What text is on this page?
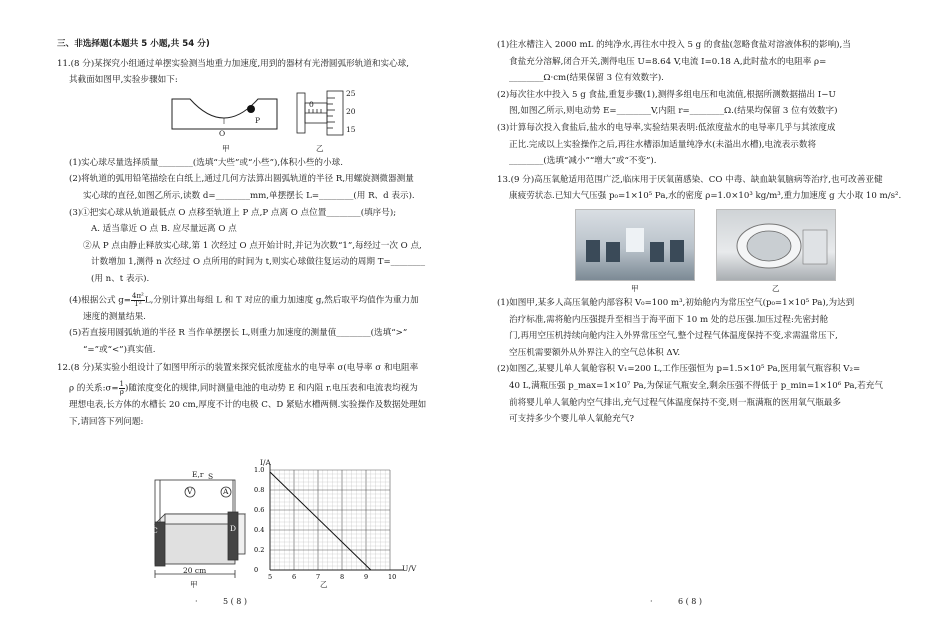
三、非选择题(本题共 5 小题,共 54 分)

11.(8 分)某探究小组通过单摆实验测当地重力加速度,用到的器材有光滑圆弧形轨道和实心球,

其截面如图甲,实验步骤如下:

O
P
25
20
15
0
甲	乙

(1)实心球尽量选择质量________(选填“大些”或“小些”),体积小些的小球.

(2)将轨道的弧用铅笔描绘在白纸上,通过几何方法算出圆弧轨道的半径 R,用螺旋测微器测量

实心球的直径,如图乙所示,读数 d=________mm,单摆摆长 L=________(用 R、d 表示).

(3)①把实心球从轨道最低点 O 点移至轨道上 P 点,P 点离 O 点位置________(填序号);

A. 适当靠近 O 点 B. 应尽量远离 O 点

②从 P 点由静止释放实心球,第 1 次经过 O 点开始计时,并记为次数“1”,每经过一次 O 点,

计数增加 1,测得 n 次经过 O 点所用的时间为 t,则实心球做往复运动的周期 T=________

(用 n、t 表示).

(4)根据公式 $g=\frac{\text{4π²}}{\text{T²}}L$,分别计算出每组 L 和 T 对应的重力加速度 g,然后取平均值作为重力加

速度的测量结果.

(5)若直接用圆弧轨道的半径 R 当作单摆摆长 L,则重力加速度的测量值________(选填“>”

“=”或“<”)真实值.

12.(8 分)某实验小组设计了如图甲所示的装置来探究低浓度盐水的电导率 σ(电导率 σ 和电阻率

ρ 的关系$:\sigma=\frac{1}{\rho}$)随浓度变化的规律,同时测量电池的电动势 E 和内阻 r.电压表和电流表均视为

理想电表,长方体的水槽长 20 cm,厚度不计的电极 C、D 紧贴水槽两侧.实验操作及数据处理如

下,请回答下列问题:

E,r S
V	A
C	D
20 cm
甲
5	6	7	8	9	10
1.0
0.8
0.6
0.4
0.2
0
I/A
U/V
乙
·	5 ( 8 )

(1)往水槽注入 2000 mL 的纯净水,再往水中投入 5 g 的食盐(忽略食盐对溶液体积的影响),当

食盐充分溶解,闭合开关,测得电压 U=8.64 V,电流 I=0.18 A,此时盐水的电阻率 ρ=

________Ω·cm(结果保留 3 位有效数字).

(2)每次往水中投入 5 g 食盐,重复步骤(1),测得多组电压和电流值,根据所测数据描出 I−U

图,如图乙所示,则电动势 E=________V,内阻 r=________Ω.(结果均保留 3 位有效数字)

(3)计算每次投入食盐后,盐水的电导率,实验结果表明:低浓度盐水的电导率几乎与其浓度成

正比.完成以上实验操作之后,再往水槽添加适量纯净水(未溢出水槽),电流表示数将

________(选填“减小”“增大”或“不变”).

13.(9 分)高压氧舱适用范围广泛,临床用于厌氧菌感染、CO 中毒、缺血缺氧脑病等治疗,也可改善亚健

康疲劳状态.已知大气压强 p₀=1×10⁵ Pa,水的密度 ρ=1.0×10³ kg/m³,重力加速度 g 大小取 10 m/s².

甲	乙

(1)如图甲,某多人高压氧舱内部容积 V₀=100 m³,初始舱内为常压空气(p₀=1×10⁵ Pa),为达到

治疗标准,需将舱内压强提升至相当于海平面下 10 m 处的总压强.加压过程:先密封舱

门,再用空压机持续向舱内注入外界常压空气,整个过程气体温度保持不变,求需温常压下,

空压机需要额外从外界注入的空气总体积 ΔV.

(2)如图乙,某婴儿单人氧舱容积 V₁=200 L,工作压强恒为 p=1.5×10⁵ Pa,医用氧气瓶容积 V₂=

40 L,满瓶压强 p_max=1×10⁷ Pa,为保证气瓶安全,剩余压强不得低于 p_min=1×10⁶ Pa,若充气

前将婴儿单人氧舱内空气排出,充气过程气体温度保持不变,则一瓶满瓶的医用氧气瓶最多

可支持多少个婴儿单人氧舱充气?

·	6 ( 8 )
